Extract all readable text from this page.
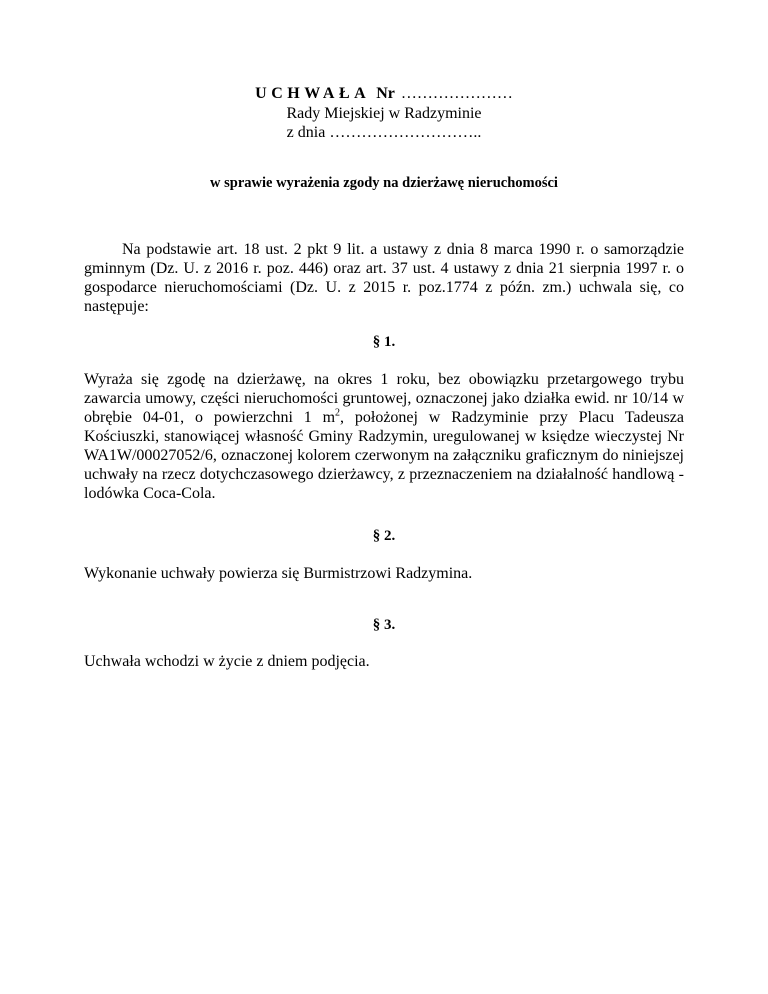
UCHWAŁA Nr …………………
Rady Miejskiej w Radzyminie
z dnia ………………………..
w sprawie wyrażenia zgody na dzierżawę nieruchomości
Na podstawie art. 18 ust. 2 pkt 9 lit. a ustawy z dnia 8 marca 1990 r. o samorządzie gminnym (Dz. U. z 2016 r. poz. 446) oraz art. 37 ust. 4 ustawy z dnia 21 sierpnia 1997 r. o gospodarce nieruchomościami (Dz. U. z 2015 r. poz.1774 z późn. zm.) uchwala się, co następuje:
§ 1.
Wyraża się zgodę na dzierżawę, na okres 1 roku, bez obowiązku przetargowego trybu zawarcia umowy, części nieruchomości gruntowej, oznaczonej jako działka ewid. nr 10/14 w obrębie 04-01, o powierzchni 1 $m^2$, położonej w Radzyminie przy Placu Tadeusza Kościuszki, stanowiącej własność Gminy Radzymin, uregulowanej w księdze wieczystej Nr WA1W/00027052/6, oznaczonej kolorem czerwonym na załączniku graficznym do niniejszej uchwały na rzecz dotychczasowego dzierżawcy, z przeznaczeniem na działalność handlową - lodówka Coca-Cola.
§ 2.
Wykonanie uchwały powierza się Burmistrzowi Radzymina.
§ 3.
Uchwała wchodzi w życie z dniem podjęcia.
